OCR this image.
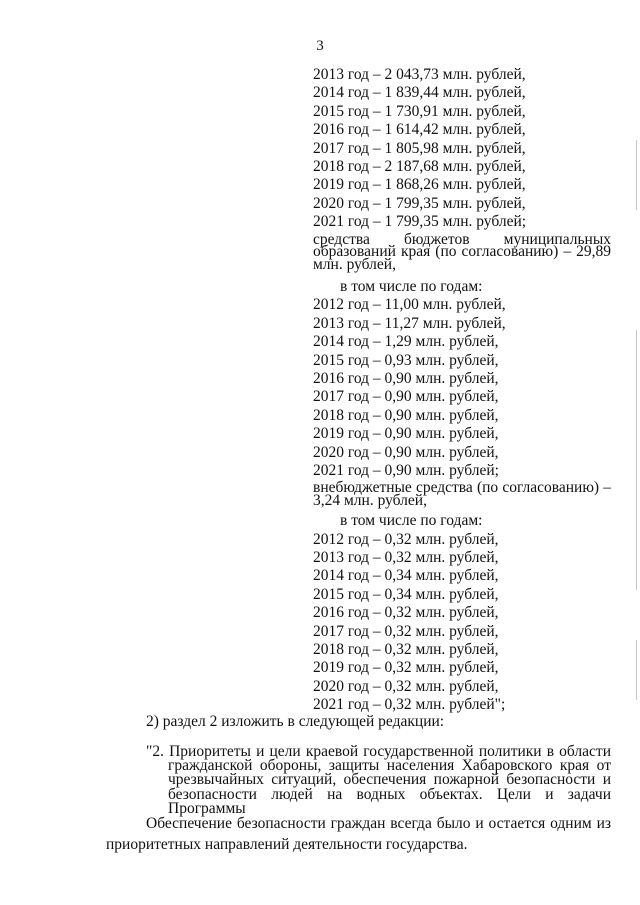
3
2013 год – 2 043,73 млн. рублей,
2014 год – 1 839,44 млн. рублей,
2015 год – 1 730,91 млн. рублей,
2016 год – 1 614,42 млн. рублей,
2017 год – 1 805,98 млн. рублей,
2018 год – 2 187,68 млн. рублей,
2019 год – 1 868,26 млн. рублей,
2020 год – 1 799,35 млн. рублей,
2021 год – 1 799,35 млн. рублей;
средства бюджетов муниципальных образований края (по согласованию) – 29,89 млн. рублей,
в том числе по годам:
2012 год – 11,00 млн. рублей,
2013 год – 11,27 млн. рублей,
2014 год – 1,29 млн. рублей,
2015 год – 0,93 млн. рублей,
2016 год – 0,90 млн. рублей,
2017 год – 0,90 млн. рублей,
2018 год – 0,90 млн. рублей,
2019 год – 0,90 млн. рублей,
2020 год – 0,90 млн. рублей,
2021 год – 0,90 млн. рублей;
внебюджетные средства (по согласованию) – 3,24 млн. рублей,
в том числе по годам:
2012 год – 0,32 млн. рублей,
2013 год – 0,32 млн. рублей,
2014 год – 0,34 млн. рублей,
2015 год – 0,34 млн. рублей,
2016 год – 0,32 млн. рублей,
2017 год – 0,32 млн. рублей,
2018 год – 0,32 млн. рублей,
2019 год – 0,32 млн. рублей,
2020 год – 0,32 млн. рублей,
2021 год – 0,32 млн. рублей";
2) раздел 2 изложить в следующей редакции:
"2. Приоритеты и цели краевой государственной политики в области гражданской обороны, защиты населения Хабаровского края от чрезвычайных ситуаций, обеспечения пожарной безопасности и безопасности людей на водных объектах. Цели и задачи Программы
Обеспечение безопасности граждан всегда было и остается одним из приоритетных направлений деятельности государства.
